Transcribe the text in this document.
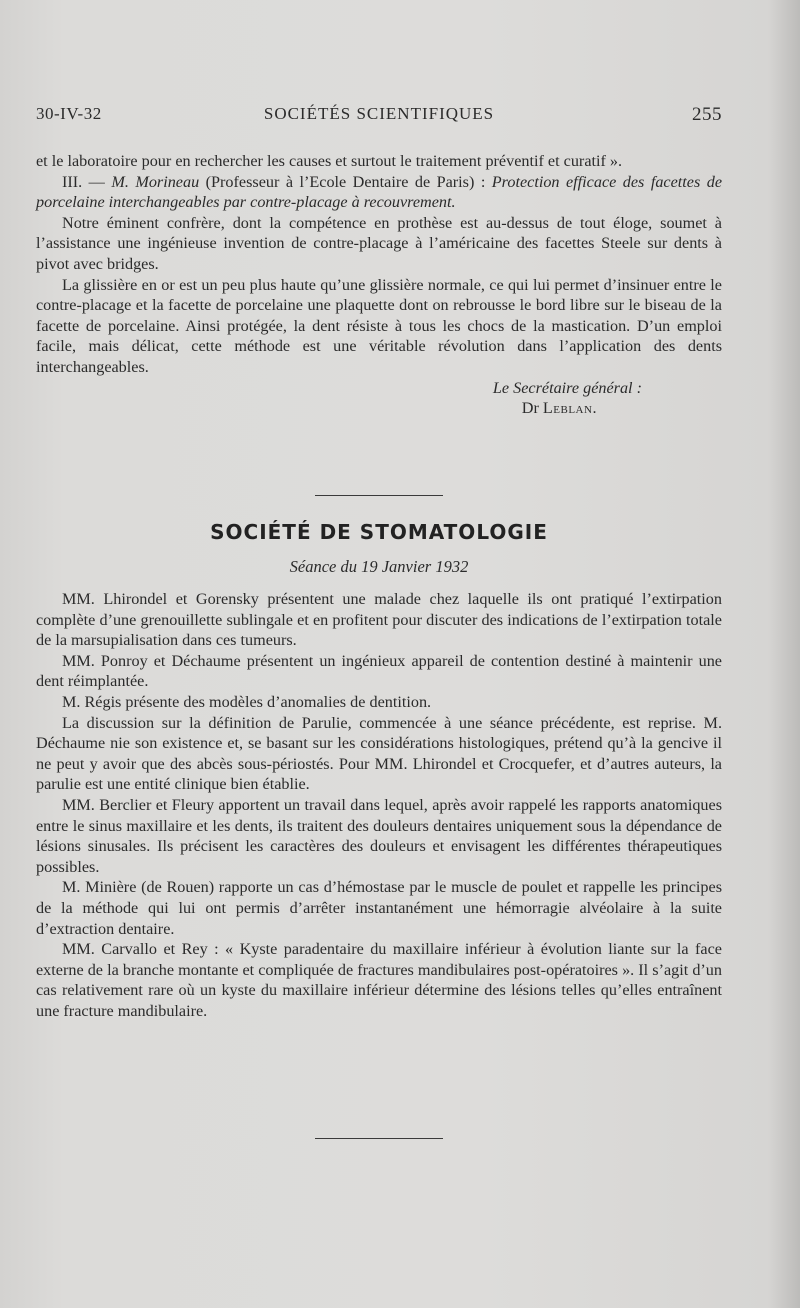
30-IV-32	SOCIÉTÉS SCIENTIFIQUES	255

et le laboratoire pour en rechercher les causes et surtout le traitement préventif et curatif ».

III. — M. Morineau (Professeur à l’Ecole Dentaire de Paris) : Protection efficace des facettes de porcelaine interchangeables par contre-placage à recouvrement.

Notre éminent confrère, dont la compétence en prothèse est au-dessus de tout éloge, soumet à l’assistance une ingénieuse invention de contre-placage à l’américaine des facettes Steele sur dents à pivot avec bridges.

La glissière en or est un peu plus haute qu’une glissière normale, ce qui lui permet d’insinuer entre le contre-placage et la facette de porcelaine une plaquette dont on rebrousse le bord libre sur le biseau de la facette de porcelaine. Ainsi protégée, la dent résiste à tous les chocs de la mastication. D’un emploi facile, mais délicat, cette méthode est une véritable révolution dans l’application des dents interchangeables.

Le Secrétaire général :
Dr Leblan.
SOCIÉTÉ DE STOMATOLOGIE
Séance du 19 Janvier 1932

MM. Lhirondel et Gorensky présentent une malade chez laquelle ils ont pratiqué l’extirpation complète d’une grenouillette sublingale et en profitent pour discuter des indications de l’extirpation totale de la marsupialisation dans ces tumeurs.

MM. Ponroy et Déchaume présentent un ingénieux appareil de contention destiné à maintenir une dent réimplantée.

M. Régis présente des modèles d’anomalies de dentition.

La discussion sur la définition de Parulie, commencée à une séance précédente, est reprise. M. Déchaume nie son existence et, se basant sur les considérations histologiques, prétend qu’à la gencive il ne peut y avoir que des abcès sous-périostés. Pour MM. Lhirondel et Crocquefer, et d’autres auteurs, la parulie est une entité clinique bien établie.

MM. Berclier et Fleury apportent un travail dans lequel, après avoir rappelé les rapports anatomiques entre le sinus maxillaire et les dents, ils traitent des douleurs dentaires uniquement sous la dépendance de lésions sinusales. Ils précisent les caractères des douleurs et envisagent les différentes thérapeutiques possibles.

M. Minière (de Rouen) rapporte un cas d’hémostase par le muscle de poulet et rappelle les principes de la méthode qui lui ont permis d’arrêter instantanément une hémorragie alvéolaire à la suite d’extraction dentaire.

MM. Carvallo et Rey : « Kyste paradentaire du maxillaire inférieur à évolution liante sur la face externe de la branche montante et compliquée de fractures mandibulaires post-opératoires ». Il s’agit d’un cas relativement rare où un kyste du maxillaire inférieur détermine des lésions telles qu’elles entraînent une fracture mandibulaire.
